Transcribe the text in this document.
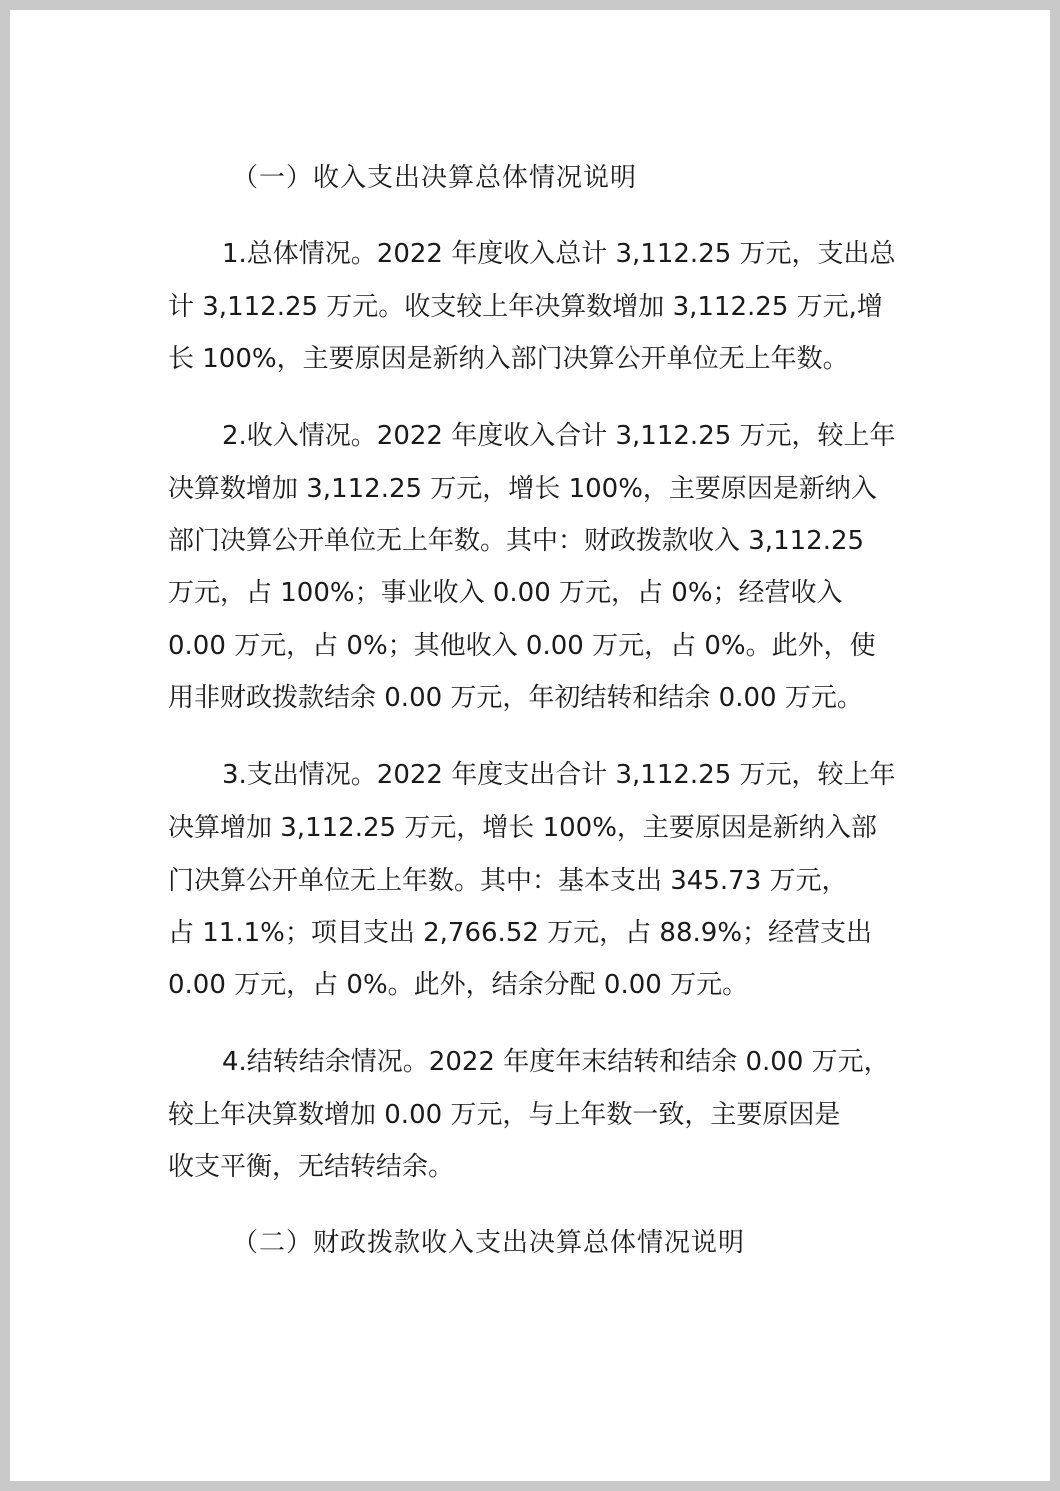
（一）收入支出决算总体情况说明
1.总体情况。2022 年度收入总计 3,112.25 万元，支出总
计 3,112.25 万元。收支较上年决算数增加 3,112.25 万元,增
长 100%，主要原因是新纳入部门决算公开单位无上年数。
2.收入情况。2022 年度收入合计 3,112.25 万元，较上年
决算数增加 3,112.25 万元，增长 100%，主要原因是新纳入
部门决算公开单位无上年数。其中：财政拨款收入 3,112.25
万元，占 100%；事业收入 0.00 万元，占 0%；经营收入
0.00 万元，占 0%；其他收入 0.00 万元，占 0%。此外，使
用非财政拨款结余 0.00 万元，年初结转和结余 0.00 万元。
3.支出情况。2022 年度支出合计 3,112.25 万元，较上年
决算增加 3,112.25 万元，增长 100%，主要原因是新纳入部
门决算公开单位无上年数。其中：基本支出 345.73 万元，
占 11.1%；项目支出 2,766.52 万元，占 88.9%；经营支出
0.00 万元，占 0%。此外，结余分配 0.00 万元。
4.结转结余情况。2022 年度年末结转和结余 0.00 万元，
较上年决算数增加 0.00 万元，与上年数一致，主要原因是
收支平衡，无结转结余。
（二）财政拨款收入支出决算总体情况说明
